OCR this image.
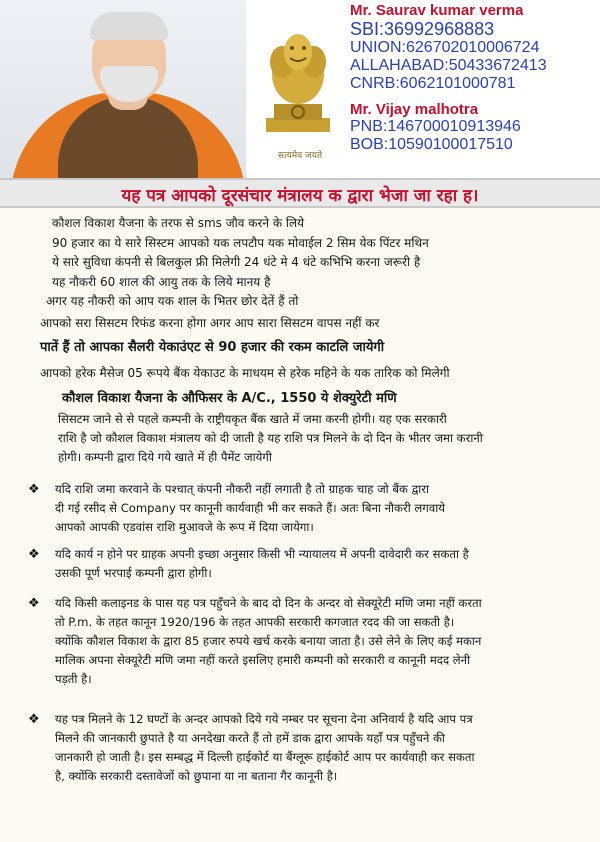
सत्यमेव जयते
Mr. Saurav kumar verma
SBI:36992968883
UNION:626702010006724
ALLAHABAD:50433672413
CNRB:6062101000781
Mr. Vijay malhotra
PNB:146700010913946
BOB:10590100017510
यह पत्र आपको दूरसंचार मंत्रालय क द्वारा भेजा जा रहा ह।
कौशल विकाश यैजना के तरफ से sms जौव करने के लिये
90 हजार का ये सारे सिस्टम आपको यक लपटौप यक मोवाईल 2 सिम येक पिंटर मथिन
ये सारे सुविधा कंपनी से बिलकुल फ्री मिलेगी 24 धंटे मे 4 धंटे कभिभि करना जरूरी है
यह नौकरी 60 शाल की आयु तक के लिये मानय है
अगर यह नौकरी को आप यक शाल के भितर छोर देतें हैं तो
आपको सरा सिसटम रिफंड करना होगा अगर आप सारा सिसटम वापस नहीं कर
पातें हैं तो आपका सैलरी येकाउंएट से 90 हजार की रकम काटलि जायेगी
आपको हरेक मैसेज 05 रूपये बैंक येकाउट के माधयम से हरेक महिने के यक तारिक को मिलेगी
कौशल विकाश यैजना के औफिसर के A/C., 1550 ये शेक्युरेटी मणि

सिसटम जाने से से पहले कम्पनी के राष्ट्रीयकृत बैंक खाते में जमा करनी होगी। यह एक सरकारी

राशि है जो कौशल विकाश मंत्रालय को दी जाती है यह राशि पत्र मिलने के दो दिन के भीतर जमा करानी

होगी। कम्पनी द्वारा दिये गये खाते में ही पैमेंट जायेगी

❖ यदि राशि जमा करवाने के पश्चात् कंपनी नौकरी नहीं लगाती है तो ग्राहक चाह जो बैंक द्वारा

दी गई रसीद से Company पर कानूनी कार्यवाही भी कर सकते हैं। अतः बिना नौकरी लगवाये

आपको आपकी एडवांस राशि मुआवजे के रूप में दिया जायेगा।

❖ यदि कार्य न होने पर ग्राहक अपनी इच्छा अनुसार किसी भी न्यायालय में अपनी दावेदारी कर सकता है

उसकी पूर्ण भरपाई कम्पनी द्वारा होगी।

❖ यदि किसी कलाइनड के पास यह पत्र पहुँचने के बाद दो दिन के अन्दर वो सेक्यूरेटी मणि जमा नहीं करता

तो P.m. के तहत कानून 1920/196 के तहत आपकी सरकारी कगजात रदद की जा सकती है।

क्योंकि कौशल विकाश के द्वारा 85 हजार रुपये खर्च करके बनाया जाता है। उसे लेने के लिए कई मकान

मालिक अपना सेक्यूरेटी मणि जमा नहीं करते इसलिए हमारी कम्पनी को सरकारी व कानूनी मदद लेनी

पड़ती है।

❖ यह पत्र मिलने के 12 घण्टों के अन्दर आपको दिये गये नम्बर पर सूचना देना अनिवार्य है यदि आप पत्र

मिलने की जानकारी छुपाते है या अनदेखा करते हैं तो हमें डाक द्वारा आपके यहाँ पत्र पहुँचने की

जानकारी हो जाती है। इस सम्बद्ध में दिल्ली हाईकोर्ट या बैंग्लूरू हाईकोर्ट आप पर कार्यवाही कर सकता

है, क्योंकि सरकारी दस्तावेजों को छुपाना या ना बताना गैर कानूनी है।
